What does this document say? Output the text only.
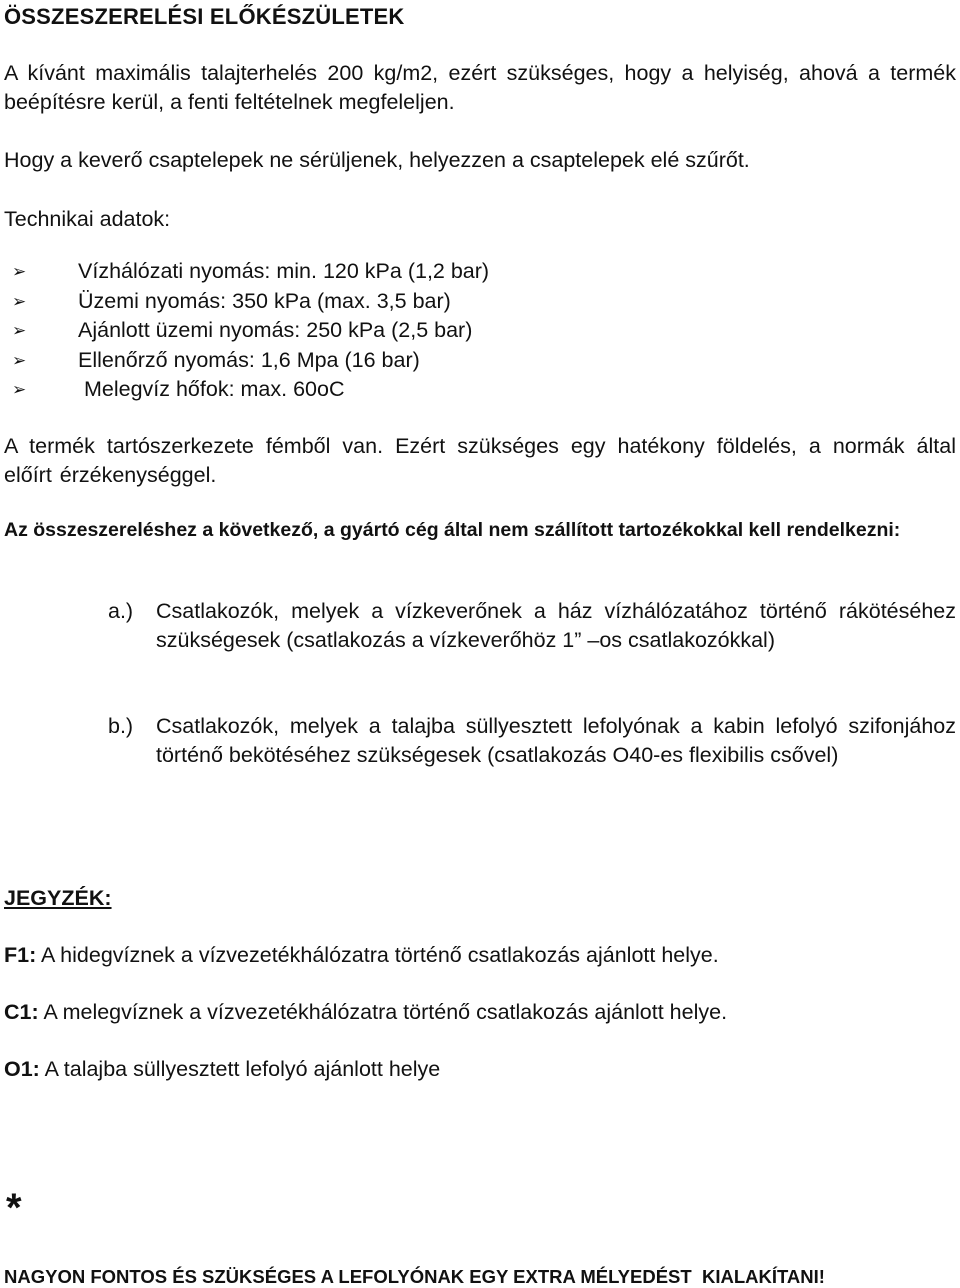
ÖSSZESZERELÉSI ELŐKÉSZÜLETEK

A kívánt maximális talajterhelés 200 kg/m2, ezért szükséges, hogy a helyiség, ahová a termék beépítésre kerül, a fenti feltételnek megfeleljen.

Hogy a keverő csaptelepek ne sérüljenek, helyezzen a csaptelepek elé szűrőt.

Technikai adatok:

➢ Vízhálózati nyomás: min. 120 kPa (1,2 bar)
➢ Üzemi nyomás: 350 kPa (max. 3,5 bar)
➢ Ajánlott üzemi nyomás: 250 kPa (2,5 bar)
➢ Ellenőrző nyomás: 1,6 Mpa (16 bar)
➢ Melegvíz hőfok: max. 60oC

A termék tartószerkezete fémből van. Ezért szükséges egy hatékony földelés, a normák által előírt érzékenységgel.

Az összeszereléshez a következő, a gyártó cég által nem szállított tartozékokkal kell rendelkezni:

a.) Csatlakozók, melyek a vízkeverőnek a ház vízhálózatához történő rákötéséhez szükségesek (csatlakozás a vízkeverőhöz 1” –os csatlakozókkal)
b.) Csatlakozók, melyek a talajba süllyesztett lefolyónak a kabin lefolyó szifonjához történő bekötéséhez szükségesek (csatlakozás O40-es flexibilis csővel)

JEGYZÉK:

F1: A hidegvíznek a vízvezetékhálózatra történő csatlakozás ajánlott helye.

C1: A melegvíznek a vízvezetékhálózatra történő csatlakozás ajánlott helye.

O1: A talajba süllyesztett lefolyó ajánlott helye

*

NAGYON FONTOS ÉS SZÜKSÉGES A LEFOLYÓNAK EGY EXTRA MÉLYEDÉST  KIALAKÍTANI!
